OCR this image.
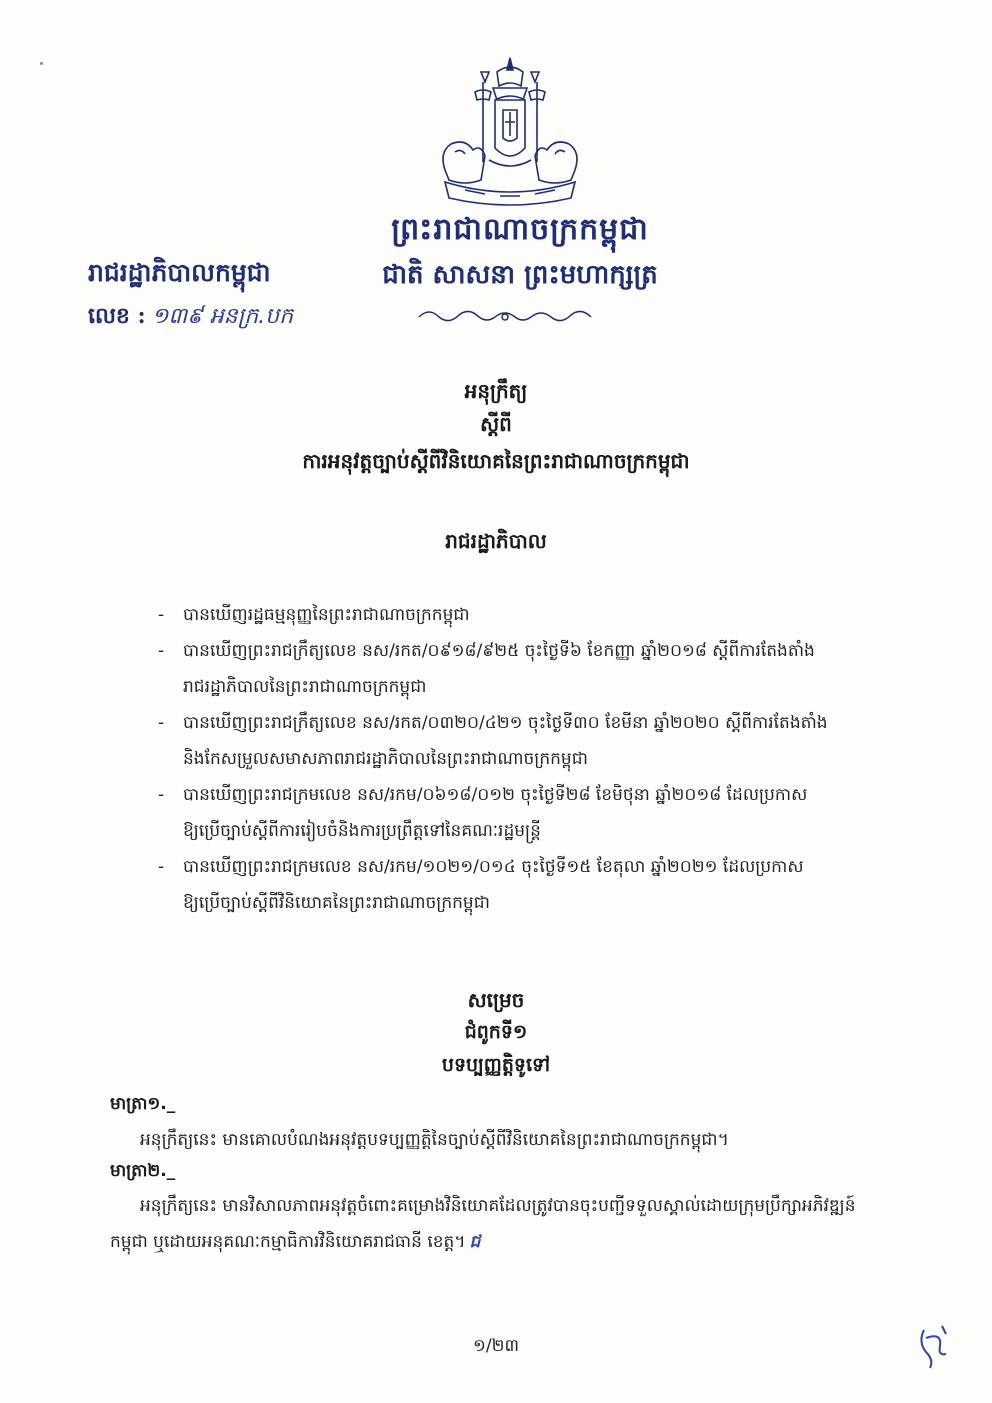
ព្រះរាជាណាចក្រកម្ពុជា
ជាតិ សាសនា ព្រះមហាក្សត្រ
រាជរដ្ឋាភិបាលកម្ពុជា
លេខ : ១៣៩ អនក្រ.បក
អនុក្រឹត្យ
ស្ដីពី
ការអនុវត្តច្បាប់ស្ដីពីវិនិយោគនៃព្រះរាជាណាចក្រកម្ពុជា
រាជរដ្ឋាភិបាល
- បានឃើញរដ្ឋធម្មនុញ្ញនៃព្រះរាជាណាចក្រកម្ពុជា
- បានឃើញព្រះរាជក្រឹត្យលេខ នស/រកត/០៩១៨/៩២៥ ចុះថ្ងៃទី៦ ខែកញ្ញា ឆ្នាំ២០១៨ ស្ដីពីការតែងតាំង
រាជរដ្ឋាភិបាលនៃព្រះរាជាណាចក្រកម្ពុជា
- បានឃើញព្រះរាជក្រឹត្យលេខ នស/រកត/០៣២០/៤២១ ចុះថ្ងៃទី៣០ ខែមីនា ឆ្នាំ២០២០ ស្ដីពីការតែងតាំង
និងកែសម្រួលសមាសភាពរាជរដ្ឋាភិបាលនៃព្រះរាជាណាចក្រកម្ពុជា
- បានឃើញព្រះរាជក្រមលេខ នស/រកម/០៦១៨/០១២ ចុះថ្ងៃទី២៨ ខែមិថុនា ឆ្នាំ២០១៨ ដែលប្រកាស
ឱ្យប្រើច្បាប់ស្ដីពីការរៀបចំនិងការប្រព្រឹត្តទៅនៃគណៈរដ្ឋមន្ត្រី
- បានឃើញព្រះរាជក្រមលេខ នស/រកម/១០២១/០១៤ ចុះថ្ងៃទី១៥ ខែតុលា ឆ្នាំ២០២១ ដែលប្រកាស
ឱ្យប្រើច្បាប់ស្ដីពីវិនិយោគនៃព្រះរាជាណាចក្រកម្ពុជា
សម្រេច
ជំពូកទី១
បទប្បញ្ញត្តិទូទៅ
មាត្រា១._
អនុក្រឹត្យនេះ មានគោលបំណងអនុវត្តបទប្បញ្ញត្តិនៃច្បាប់ស្ដីពីវិនិយោគនៃព្រះរាជាណាចក្រកម្ពុជា។
មាត្រា២._
អនុក្រឹត្យនេះ មានវិសាលភាពអនុវត្តចំពោះគម្រោងវិនិយោគដែលត្រូវបានចុះបញ្ជីទទួលស្គាល់ដោយក្រុមប្រឹក្សាអភិវឌ្ឍន៍កម្ពុជា ឬដោយអនុគណៈកម្មាធិការវិនិយោគរាជធានី ខេត្ត។ ជ
១/២៣
